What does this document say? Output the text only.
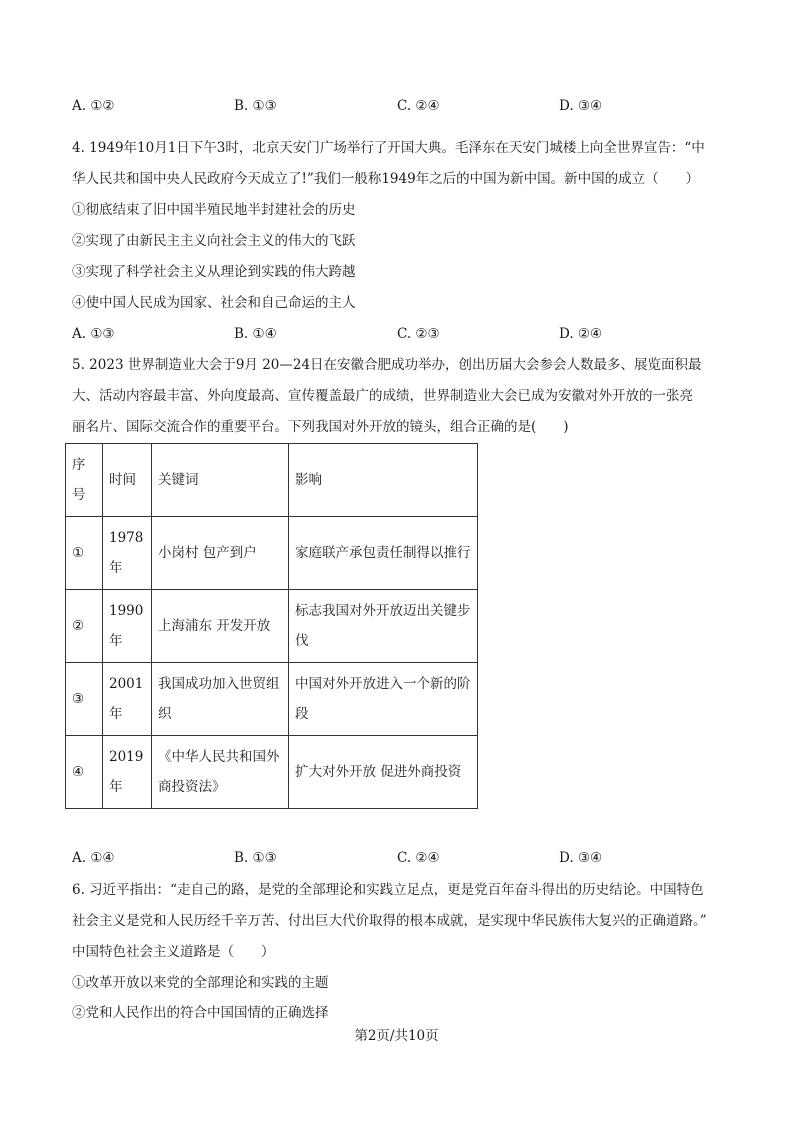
A. ①②	B. ①③	C. ②④	D. ③④
4. 1949年10月1日下午3时，北京天安门广场举行了开国大典。毛泽东在天安门城楼上向全世界宣告：“中
华人民共和国中央人民政府今天成立了!”我们一般称1949年之后的中国为新中国。新中国的成立（　　）
①彻底结束了旧中国半殖民地半封建社会的历史
②实现了由新民主主义向社会主义的伟大的飞跃
③实现了科学社会主义从理论到实践的伟大跨越
④使中国人民成为国家、社会和自己命运的主人
A. ①③	B. ①④	C. ②③	D. ②④
5. 2023 世界制造业大会于9月 20—24日在安徽合肥成功举办，创出历届大会参会人数最多、展览面积最
大、活动内容最丰富、外向度最高、宣传覆盖最广的成绩，世界制造业大会已成为安徽对外开放的一张亮
丽名片、国际交流合作的重要平台。下列我国对外开放的镜头，组合正确的是(　　)
序号	时间	关键词	影响
①	1978年	小岗村 包产到户	家庭联产承包责任制得以推行
②	1990年	上海浦东 开发开放	标志我国对外开放迈出关键步伐
③	2001年	我国成功加入世贸组织	中国对外开放进入一个新的阶段
④	2019年	《中华人民共和国外商投资法》	扩大对外开放 促进外商投资
A. ①④	B. ①③	C. ②④	D. ③④
6. 习近平指出：“走自己的路，是党的全部理论和实践立足点，更是党百年奋斗得出的历史结论。中国特色
社会主义是党和人民历经千辛万苦、付出巨大代价取得的根本成就，是实现中华民族伟大复兴的正确道路。”
中国特色社会主义道路是（　　）
①改革开放以来党的全部理论和实践的主题
②党和人民作出的符合中国国情的正确选择
第2页/共10页
